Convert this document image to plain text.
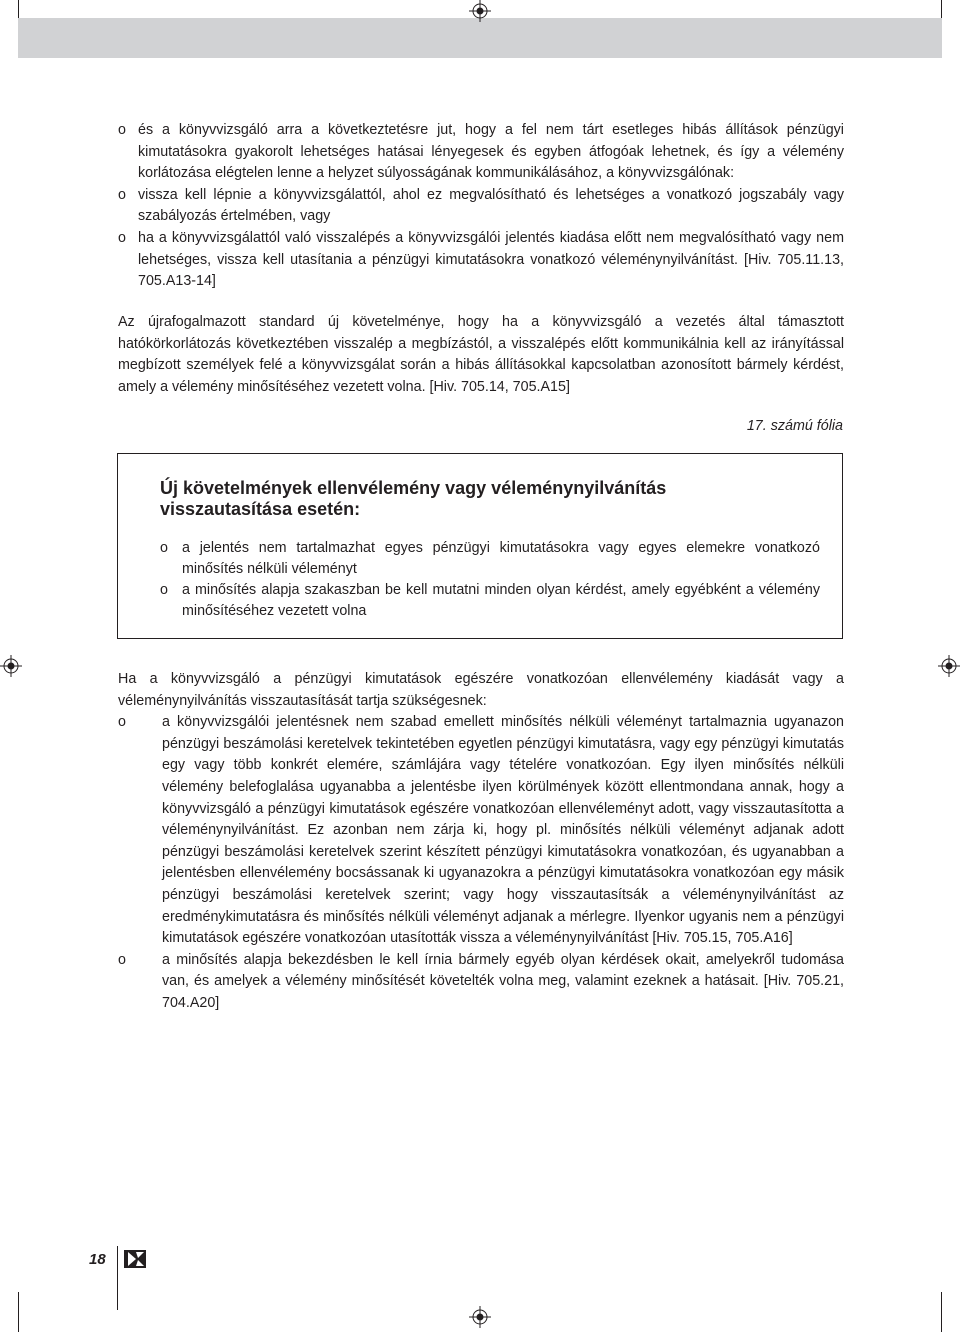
o és a könyvvizsgáló arra a következtetésre jut, hogy a fel nem tárt esetleges hibás állítások pénzügyi kimutatásokra gyakorolt lehetséges hatásai lényegesek és egyben átfogóak lehetnek, és így a vélemény korlátozása elégtelen lenne a helyzet súlyosságának kommunikálásához, a könyvvizsgálónak:
o vissza kell lépnie a könyvvizsgálattól, ahol ez megvalósítható és lehetséges a vonatkozó jogszabály vagy szabályozás értelmében, vagy
o ha a könyvvizsgálattól való visszalépés a könyvvizsgálói jelentés kiadása előtt nem megvalósítható vagy nem lehetséges, vissza kell utasítania a pénzügyi kimutatásokra vonatkozó véleménynyilvánítást. [Hiv. 705.11.13, 705.A13-14]

Az újrafogalmazott standard új követelménye, hogy ha a könyvvizsgáló a vezetés által támasztott hatókörkorlátozás következtében visszalép a megbízástól, a visszalépés előtt kommunikálnia kell az irányítással megbízott személyek felé a könyvvizsgálat során a hibás állításokkal kapcsolatban azonosított bármely kérdést, amely a vélemény minősítéséhez vezetett volna. [Hiv. 705.14, 705.A15]

17. számú fólia
Új követelmények ellenvélemény vagy véleménynyilvánítás
visszautasítása esetén:
o a jelentés nem tartalmazhat egyes pénzügyi kimutatásokra vagy egyes elemekre vonatkozó minősítés nélküli véleményt
o a minősítés alapja szakaszban be kell mutatni minden olyan kérdést, amely egyébként a vélemény minősítéséhez vezetett volna

Ha a könyvvizsgáló a pénzügyi kimutatások egészére vonatkozóan ellenvélemény kiadását vagy a véleménynyilvánítás visszautasítását tartja szükségesnek:

o a könyvvizsgálói jelentésnek nem szabad emellett minősítés nélküli véleményt tartalmaznia ugyanazon pénzügyi beszámolási keretelvek tekintetében egyetlen pénzügyi kimutatásra, vagy egy pénzügyi kimutatás egy vagy több konkrét elemére, számlájára vagy tételére vonatkozóan. Egy ilyen minősítés nélküli vélemény belefoglalása ugyanabba a jelentésbe ilyen körülmények között ellentmondana annak, hogy a könyvvizsgáló a pénzügyi kimutatások egészére vonatkozóan ellenvéleményt adott, vagy visszautasította a véleménynyilvánítást. Ez azonban nem zárja ki, hogy pl. minősítés nélküli véleményt adjanak adott pénzügyi beszámolási keretelvek szerint készített pénzügyi kimutatásokra vonatkozóan, és ugyanabban a jelentésben ellenvélemény bocsássanak ki ugyanazokra a pénzügyi kimutatásokra vonatkozóan egy másik pénzügyi beszámolási keretelvek szerint; vagy hogy visszautasítsák a véleménynyilvánítást az eredménykimutatásra és minősítés nélküli véleményt adjanak a mérlegre. Ilyenkor ugyanis nem a pénzügyi kimutatások egészére vonatkozóan utasították vissza a véleménynyilvánítást [Hiv. 705.15, 705.A16]
o a minősítés alapja bekezdésben le kell írnia bármely egyéb olyan kérdések okait, amelyekről tudomása van, és amelyek a vélemény minősítését követelték volna meg, valamint ezeknek a hatásait. [Hiv. 705.21, 704.A20]
18
